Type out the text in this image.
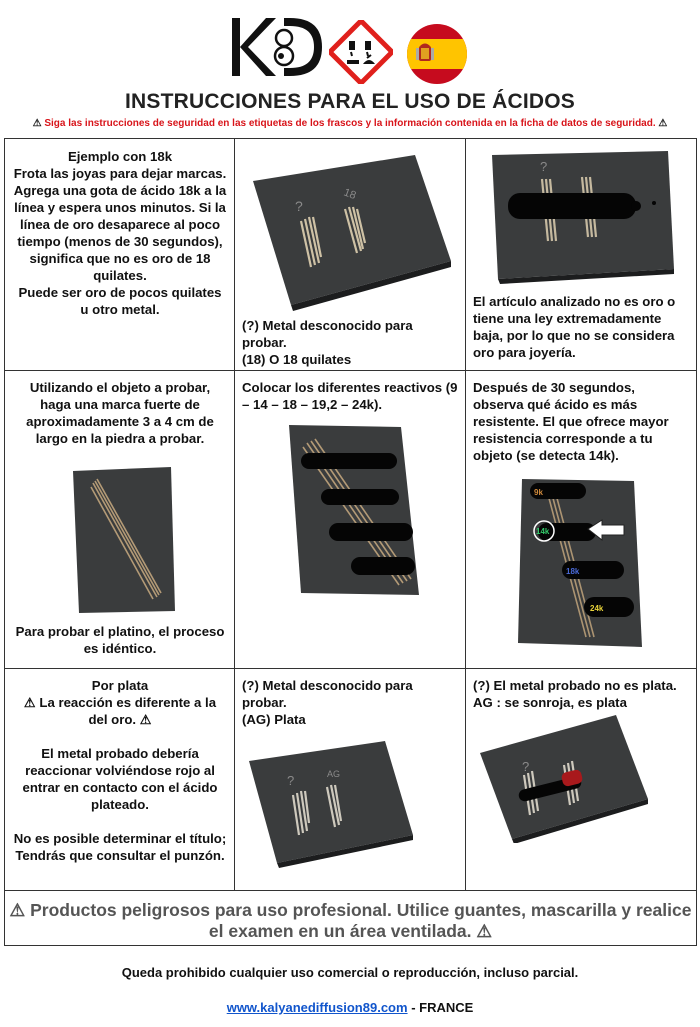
INSTRUCCIONES PARA EL USO DE ÁCIDOS
⚠ Siga las instrucciones de seguridad en las etiquetas de los frascos y la información contenida en la ficha de datos de seguridad. ⚠
Ejemplo con 18k
Frota las joyas para dejar marcas.
Agrega una gota de ácido 18k a la línea y espera unos minutos. Si la línea de oro desaparece al poco tiempo (menos de 30 segundos), significa que no es oro de 18 quilates.
Puede ser oro de pocos quilates u otro metal.
?
18
(?) Metal desconocido para probar.
(18) O 18 quilates
?
El artículo analizado no es oro o tiene una ley extremadamente baja, por lo que no se considera oro para joyería.
Utilizando el objeto a probar, haga una marca fuerte de aproximadamente 3 a 4 cm de largo en la piedra a probar.
Para probar el platino, el proceso es idéntico.
Colocar los diferentes reactivos (9 – 14 – 18 – 19,2 – 24k).
Después de 30 segundos, observa qué ácido es más resistente. El que ofrece mayor resistencia corresponde a tu objeto (se detecta 14k).
9k
14k
18k
24k
Por plata
⚠ La reacción es diferente a la del oro. ⚠
El metal probado debería reaccionar volviéndose rojo al entrar en contacto con el ácido plateado.
No es posible determinar el título; Tendrás que consultar el punzón.
(?) Metal desconocido para probar.
(AG) Plata
?	AG
(?) El metal probado no es plata.
AG : se sonroja, es plata
?
⚠ Productos peligrosos para uso profesional. Utilice guantes, mascarilla y realice el examen en un área ventilada. ⚠
Queda prohibido cualquier uso comercial o reproducción, incluso parcial.
www.kalyanediffusion89.com - FRANCE
